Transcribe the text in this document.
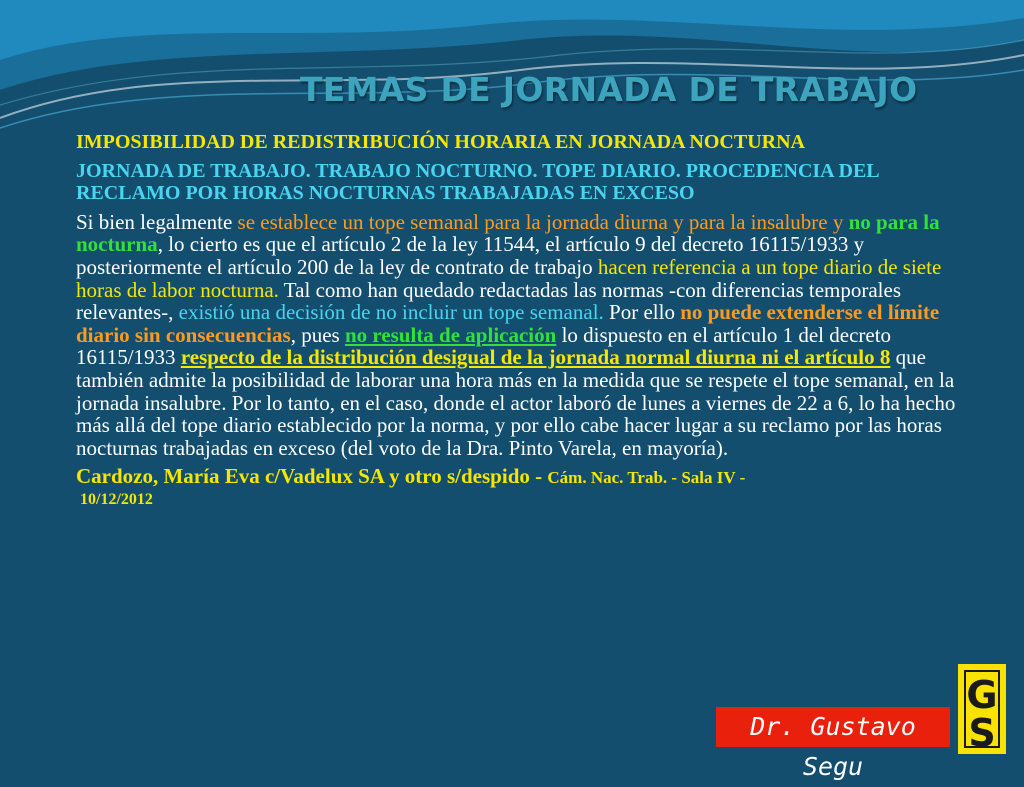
TEMAS DE JORNADA DE TRABAJO

IMPOSIBILIDAD DE REDISTRIBUCIÓN HORARIA EN JORNADA NOCTURNA

JORNADA DE TRABAJO. TRABAJO NOCTURNO. TOPE DIARIO. PROCEDENCIA DEL RECLAMO POR HORAS NOCTURNAS TRABAJADAS EN EXCESO

Si bien legalmente se establece un tope semanal para la jornada diurna y para la insalubre y no para la nocturna, lo cierto es que el artículo 2 de la ley 11544, el artículo 9 del decreto 16115/1933 y posteriormente el artículo 200 de la ley de contrato de trabajo hacen referencia a un tope diario de siete horas de labor nocturna. Tal como han quedado redactadas las normas -con diferencias temporales relevantes-, existió una decisión de no incluir un tope semanal. Por ello no puede extenderse el límite diario sin consecuencias, pues no resulta de aplicación lo dispuesto en el artículo 1 del decreto 16115/1933 respecto de la distribución desigual de la jornada normal diurna ni el artículo 8 que también admite la posibilidad de laborar una hora más en la medida que se respete el tope semanal, en la jornada insalubre. Por lo tanto, en el caso, donde el actor laboró de lunes a viernes de 22 a 6, lo ha hecho más allá del tope diario establecido por la norma, y por ello cabe hacer lugar a su reclamo por las horas nocturnas trabajadas en exceso (del voto de la Dra. Pinto Varela, en mayoría).

Cardozo, María Eva c/Vadelux SA y otro s/despido - Cám. Nac. Trab. - Sala IV -
10/12/2012

Dr. Gustavo Segu
G
S
